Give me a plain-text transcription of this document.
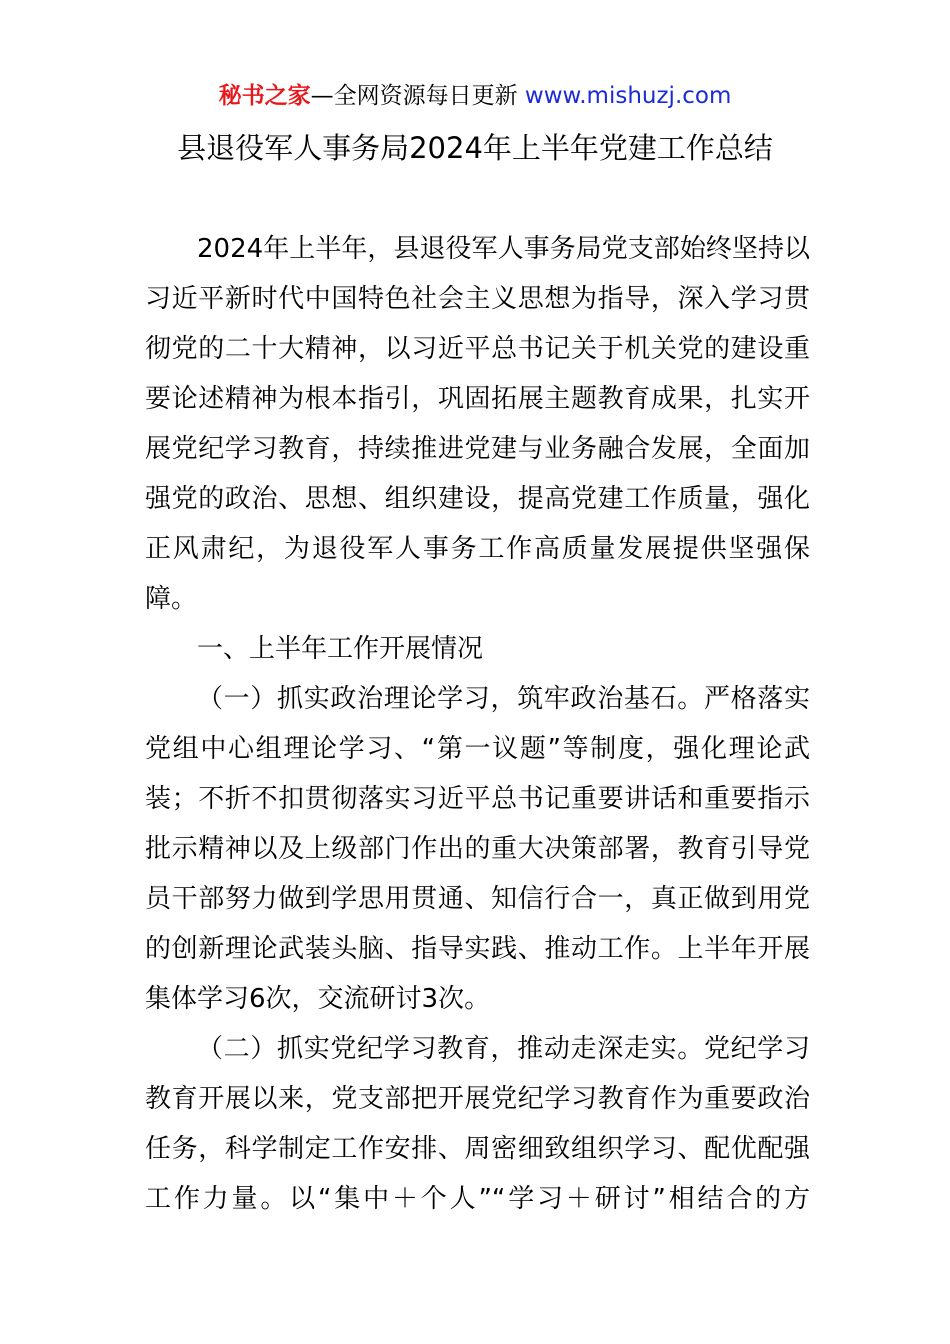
秘书之家—全网资源每日更新 www.mishuzj.com
县退役军人事务局2024年上半年党建工作总结
2024年上半年，县退役军人事务局党支部始终坚持以
习近平新时代中国特色社会主义思想为指导，深入学习贯
彻党的二十大精神，以习近平总书记关于机关党的建设重
要论述精神为根本指引，巩固拓展主题教育成果，扎实开
展党纪学习教育，持续推进党建与业务融合发展，全面加
强党的政治、思想、组织建设，提高党建工作质量，强化
正风肃纪，为退役军人事务工作高质量发展提供坚强保
障。
一、上半年工作开展情况
（一）抓实政治理论学习，筑牢政治基石。严格落实
党组中心组理论学习、“第一议题”等制度，强化理论武
装；不折不扣贯彻落实习近平总书记重要讲话和重要指示
批示精神以及上级部门作出的重大决策部署，教育引导党
员干部努力做到学思用贯通、知信行合一，真正做到用党
的创新理论武装头脑、指导实践、推动工作。上半年开展
集体学习6次，交流研讨3次。
（二）抓实党纪学习教育，推动走深走实。党纪学习
教育开展以来，党支部把开展党纪学习教育作为重要政治
任务，科学制定工作安排、周密细致组织学习、配优配强
工作力量。以“集中＋个人”“学习＋研讨”相结合的方
